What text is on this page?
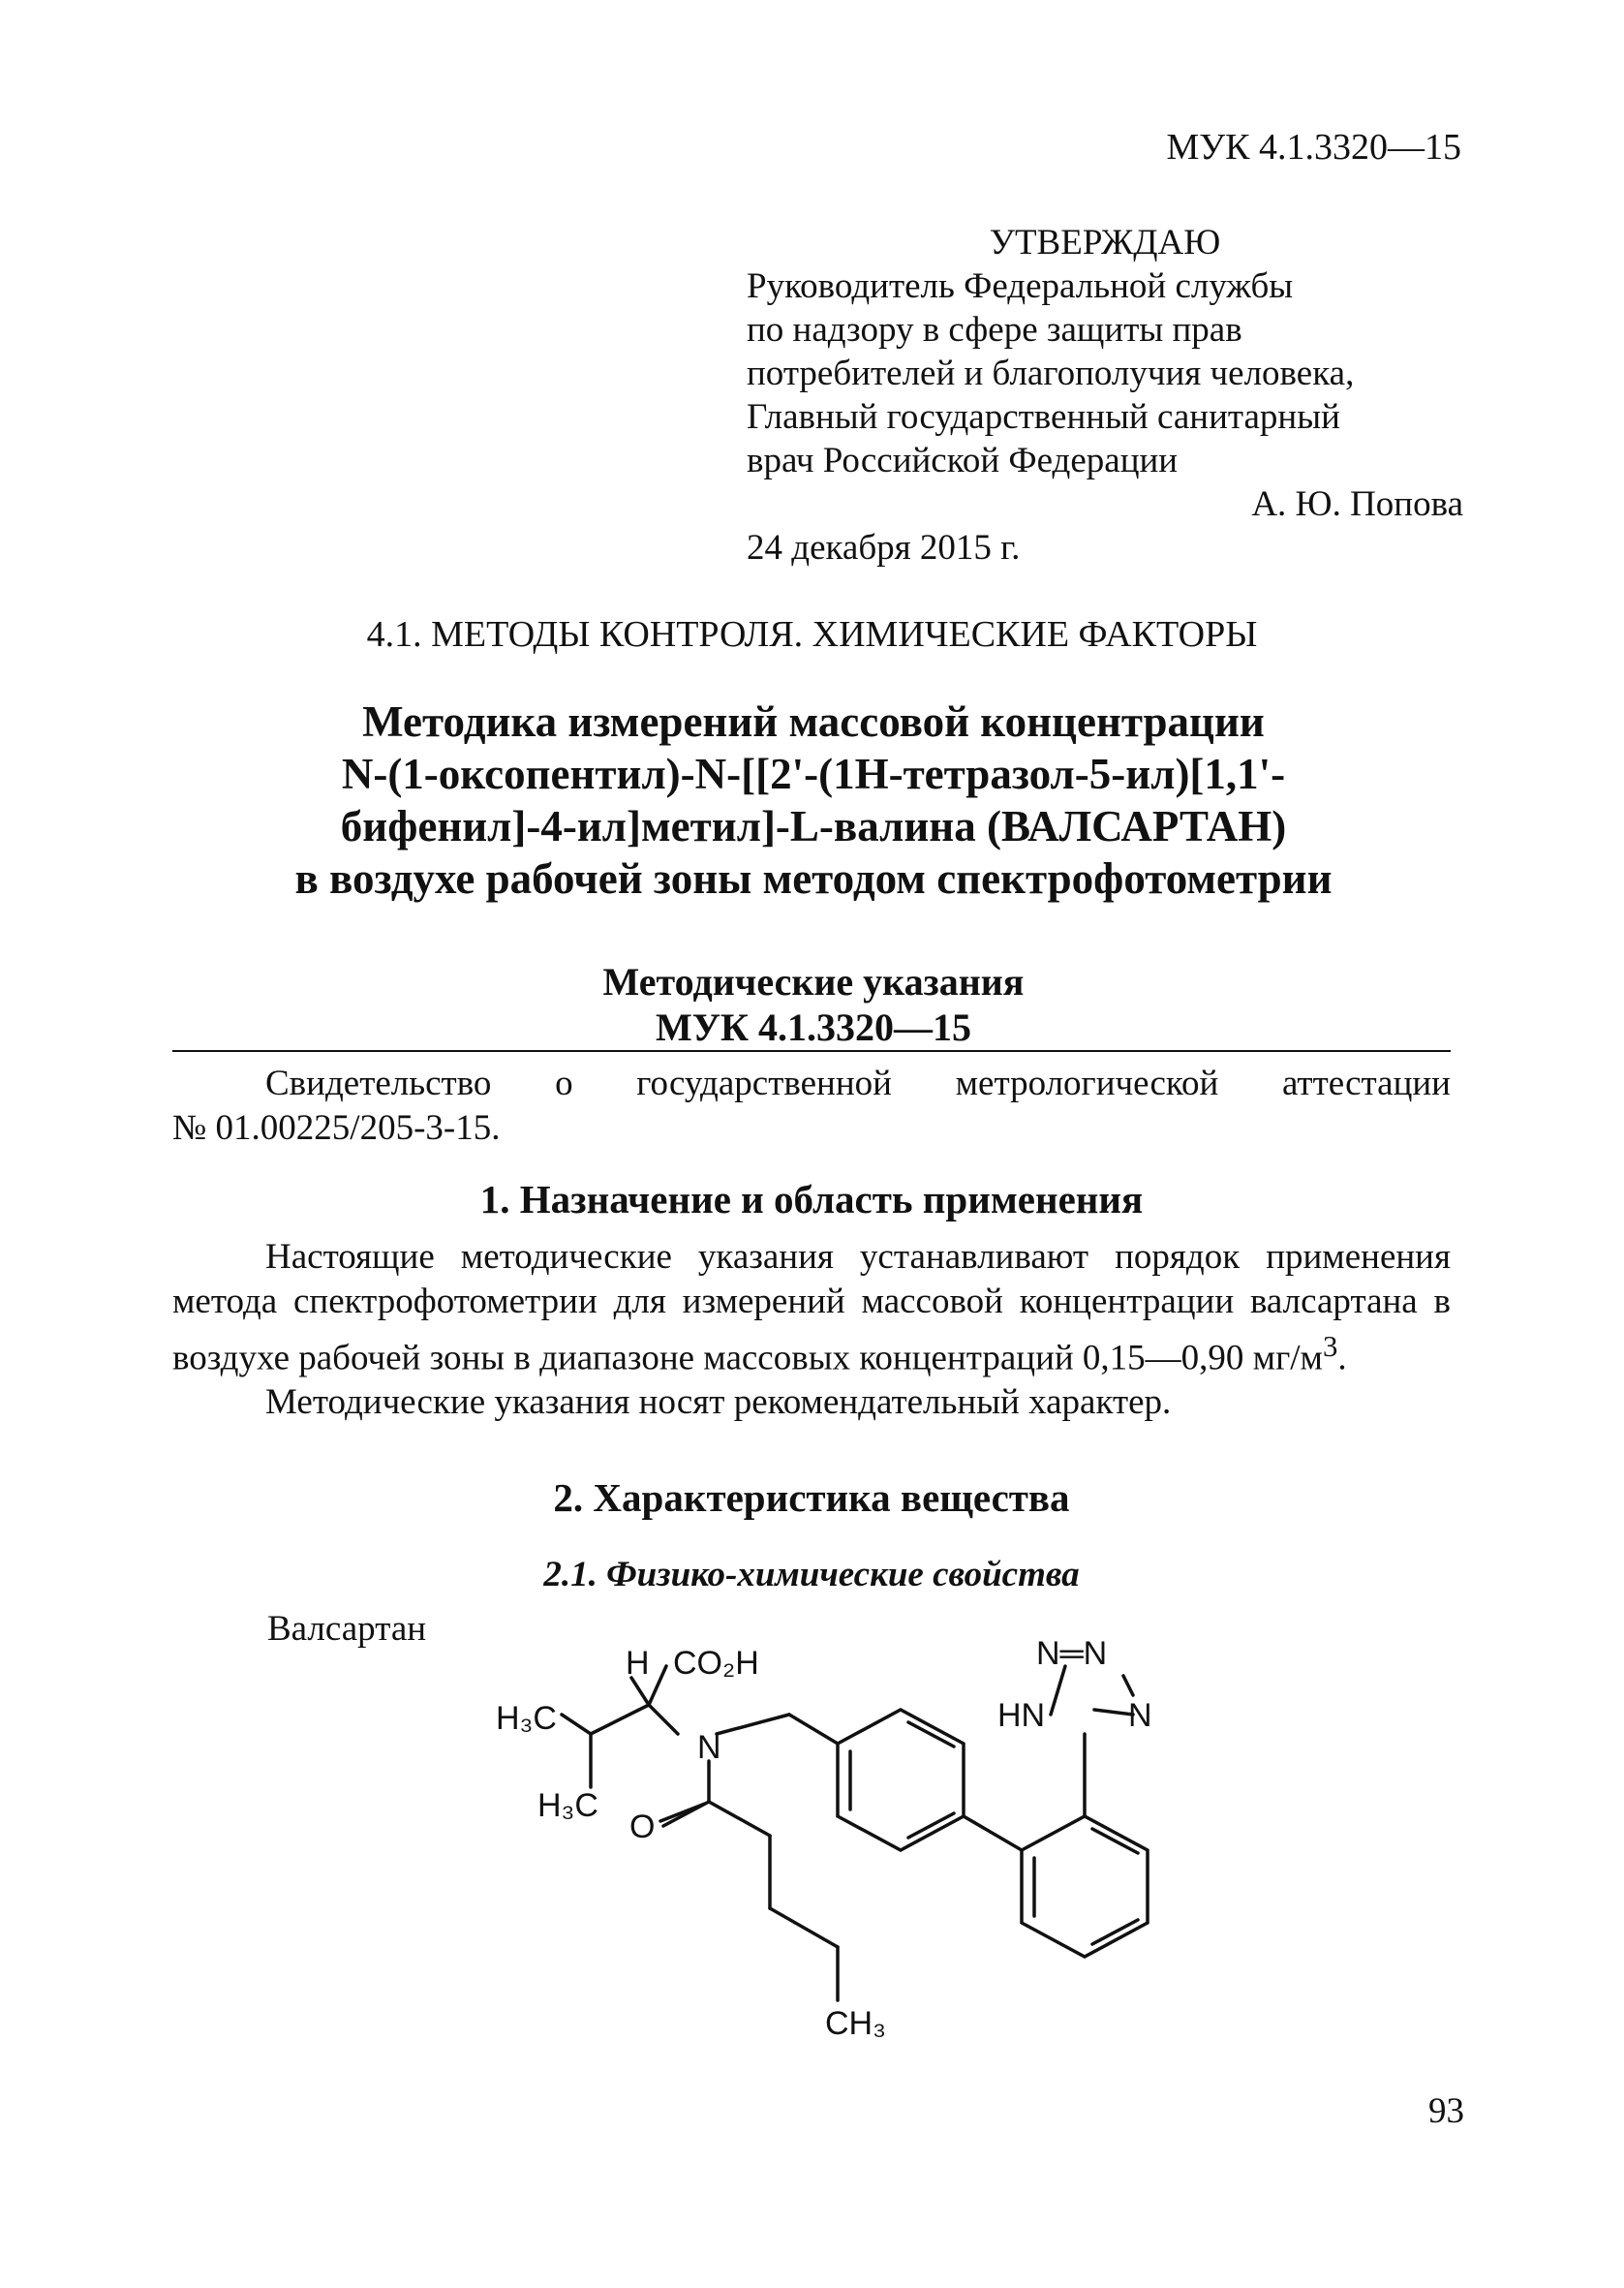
МУК 4.1.3320—15
УТВЕРЖДАЮ
Руководитель Федеральной службы
по надзору в сфере защиты прав
потребителей и благополучия человека,
Главный государственный санитарный
врач Российской Федерации
А. Ю. Попова
24 декабря 2015 г.
4.1. МЕТОДЫ КОНТРОЛЯ. ХИМИЧЕСКИЕ ФАКТОРЫ
Методика измерений массовой концентрации
N-(1-оксопентил)-N-[[2'-(1H-тетразол-5-ил)[1,1'-
бифенил]-4-ил]метил]-L-валина (ВАЛСАРТАН)
в воздухе рабочей зоны методом спектрофотометрии
Методические указания
МУК 4.1.3320—15
Свидетельство о государственной метрологической аттестации
№ 01.00225/205-3-15.
1. Назначение и область применения

Настоящие методические указания устанавливают порядок применения метода спектрофотометрии для измерений массовой концентрации валсартана в воздухе рабочей зоны в диапазоне массовых концентраций 0,15—0,90 $мг/м^3$.

Методические указания носят рекомендательный характер.

2. Характеристика вещества
2.1. Физико-химические свойства
Валсартан
H CO₂H
H₃C
H₃C
N
O
CH₃
N═N
HN	N
93
